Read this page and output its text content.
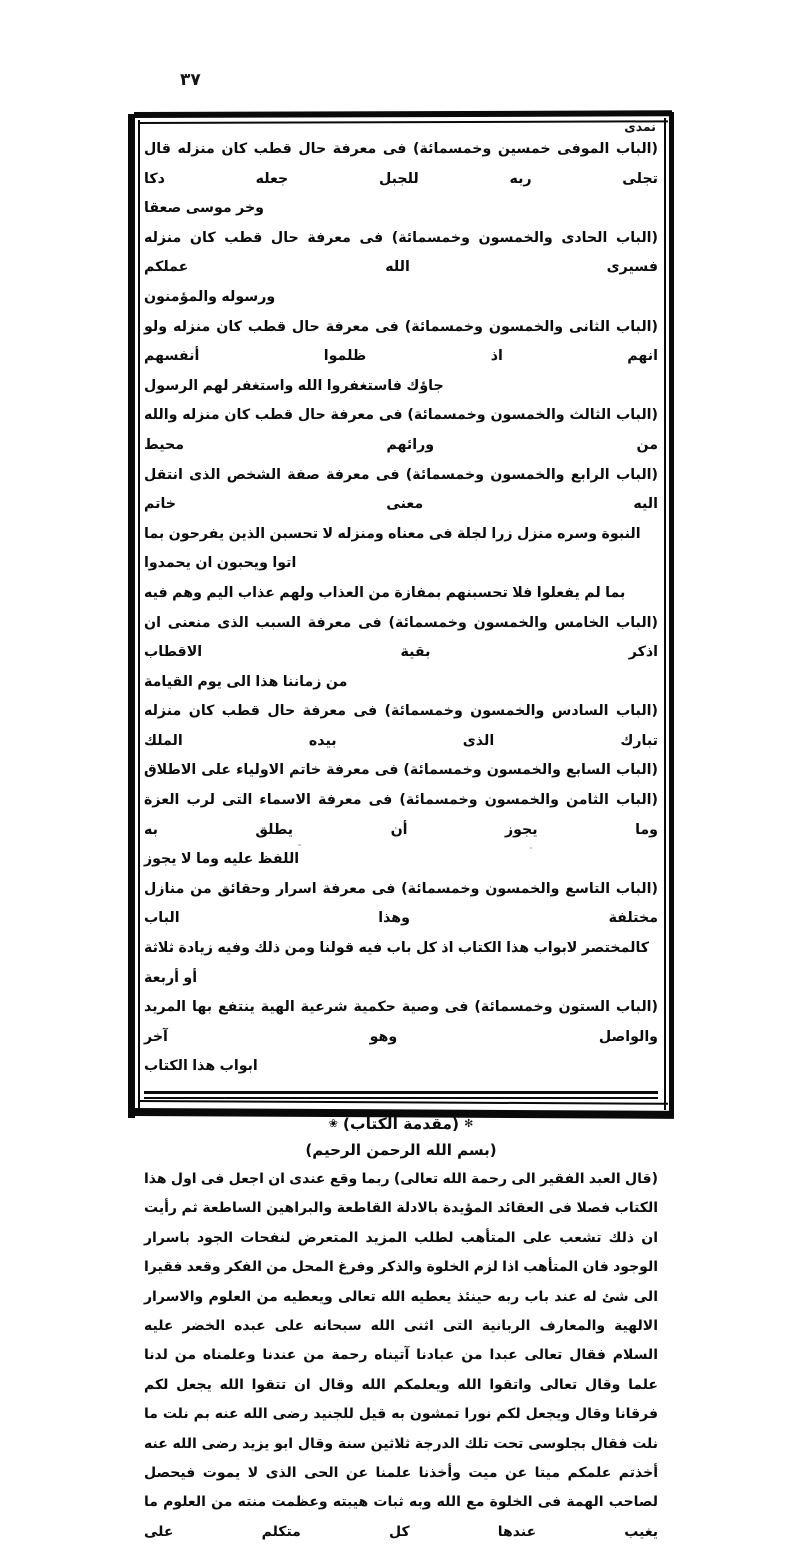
٣٧
نمدى
(الباب الموفى خمسين وخمسمائة) فى معرفة حال قطب كان منزله قال تجلى ربه للجبل جعله دكا
وخر موسى صعقا
(الباب الحادى والخمسون وخمسمائة) فى معرفة حال قطب كان منزله فسيرى الله عملكم
ورسوله والمؤمنون
(الباب الثانى والخمسون وخمسمائة) فى معرفة حال قطب كان منزله ولو انهم اذ ظلموا أنفسهم
جاؤك فاستغفروا الله واستغفر لهم الرسول
(الباب الثالث والخمسون وخمسمائة) فى معرفة حال قطب كان منزله والله من ورائهم محيط
(الباب الرابع والخمسون وخمسمائة) فى معرفة صفة الشخص الذى انتقل اليه معنى خاتم
النبوة وسره منزل زرا لجلة فى معناه ومنزله لا تحسبن الذين يفرحون بما اتوا ويحبون ان يحمدوا
بما لم يفعلوا فلا تحسبنهم بمفازة من العذاب ولهم عذاب اليم وهم فيه
(الباب الخامس والخمسون وخمسمائة) فى معرفة السبب الذى منعنى ان اذكر بقية الاقطاب
من زماننا هذا الى يوم القيامة
(الباب السادس والخمسون وخمسمائة) فى معرفة حال قطب كان منزله تبارك الذى بيده الملك
(الباب السابع والخمسون وخمسمائة) فى معرفة خاتم الاولياء على الاطلاق
(الباب الثامن والخمسون وخمسمائة) فى معرفة الاسماء التى لرب العزة وما يجوز أن يطلق به
اللفظ عليه وما لا يجوز
(الباب التاسع والخمسون وخمسمائة) فى معرفة اسرار وحقائق من منازل مختلفة وهذا الباب
كالمختصر لابواب هذا الكتاب اذ كل باب فيه قولنا ومن ذلك وفيه زيادة ثلاثة أو أربعة
(الباب الستون وخمسمائة) فى وصية حكمية شرعية الهية ينتفع بها المريد والواصل وهو آخر
ابواب هذا الكتاب
✻(مقدمة الكتاب)❀
(بسم الله الرحمن الرحيم)

(قال العبد الفقير الى رحمة الله تعالى) ربما وقع عندى ان اجعل فى اول هذا الكتاب فصلا فى العقائد المؤيدة بالادلة القاطعة والبراهين الساطعة ثم رأيت ان ذلك تشعب على المتأهب لطلب المزيد المتعرض لنفحات الجود باسرار الوجود فان المتأهب اذا لزم الخلوة والذكر وفرغ المحل من الفكر وقعد فقيرا الى شئ له عند باب ربه حينئذ يعطيه الله تعالى ويعطيه من العلوم والاسرار الالهية والمعارف الربانية التى اثنى الله سبحانه على عبده الخضر عليه السلام فقال تعالى عبدا من عبادنا آتيناه رحمة من عندنا وعلمناه من لدنا علما وقال تعالى واتقوا الله ويعلمكم الله وقال ان تتقوا الله يجعل لكم فرقانا وقال ويجعل لكم نورا تمشون به قيل للجنيد رضى الله عنه بم نلت ما نلت فقال بجلوسى تحت تلك الدرجة ثلاثين سنة وقال ابو يزيد رضى الله عنه أخذتم علمكم ميتا عن ميت وأخذنا علمنا عن الحى الذى لا يموت فيحصل لصاحب الهمة فى الخلوة مع الله وبه ثبات هيبته وعظمت منته من العلوم ما يغيب عندها كل متكلم على
